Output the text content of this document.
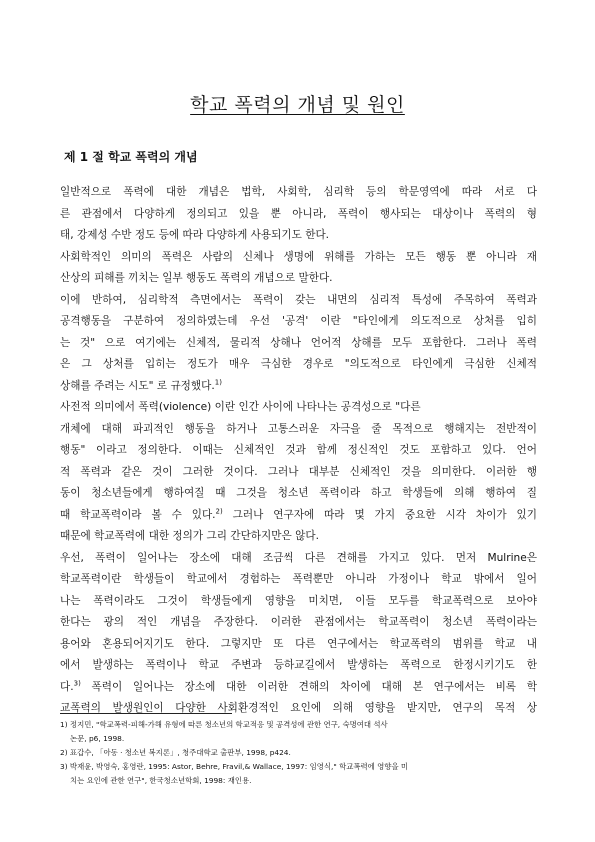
학교 폭력의 개념 및 원인
제 1 절 학교 폭력의 개념
일반적으로 폭력에 대한 개념은 법학, 사회학, 심리학 등의 학문영역에 따라 서로 다
른 관점에서 다양하게 정의되고 있을 뿐 아니라, 폭력이 행사되는 대상이나 폭력의 형
태, 강제성 수반 정도 등에 따라 다양하게 사용되기도 한다.
사회학적인 의미의 폭력은 사람의 신체나 생명에 위해를 가하는 모든 행동 뿐 아니라 재
산상의 피해를 끼치는 일부 행동도 폭력의 개념으로 말한다.
이에 반하여, 심리학적 측면에서는 폭력이 갖는 내면의 심리적 특성에 주목하여 폭력과
공격행동을 구분하여 정의하였는데 우선 '공격' 이란 "타인에게 의도적으로 상처를 입히
는 것" 으로 여기에는 신체적, 물리적 상해나 언어적 상해를 모두 포함한다. 그러나 폭력
은 그 상처를 입히는 정도가 매우 극심한 경우로 "의도적으로 타인에게 극심한 신체적
상해를 주려는 시도" 로 규정했다.$^{1)}$
사전적 의미에서 폭력(violence) 이란 인간 사이에 나타나는 공격성으로 "다른
개체에 대해 파괴적인 행동을 하거나 고통스러운 자극을 줄 목적으로 행해지는 전반적이
행동" 이라고 정의한다. 이때는 신체적인 것과 함께 정신적인 것도 포함하고 있다. 언어
적 폭력과 같은 것이 그러한 것이다. 그러나 대부분 신체적인 것을 의미한다. 이러한 행
동이 청소년들에게 행하여질 때 그것을 청소년 폭력이라 하고 학생들에 의해 행하여 질
때 학교폭력이라 볼 수 있다.$^{2)}$ 그러나 연구자에 따라 몇 가지 중요한 시각 차이가 있기
때문에 학교폭력에 대한 정의가 그리 간단하지만은 않다.
우선, 폭력이 일어나는 장소에 대해 조금씩 다른 견해를 가지고 있다. 먼저 Mulrine은
학교폭력이란 학생들이 학교에서 경험하는 폭력뿐만 아니라 가정이나 학교 밖에서 일어
나는 폭력이라도 그것이 학생들에게 영향을 미치면, 이들 모두를 학교폭력으로 보아야
한다는 광의 적인 개념을 주장한다. 이러한 관점에서는 학교폭력이 청소년 폭력이라는
용어와 혼용되어지기도 한다. 그렇지만 또 다른 연구에서는 학교폭력의 범위를 학교 내
에서 발생하는 폭력이나 학교 주변과 등하교길에서 발생하는 폭력으로 한정시키기도 한
다.$^{3)}$ 폭력이 일어나는 장소에 대한 이러한 견해의 차이에 대해 본 연구에서는 비록 학
교폭력의 발생원인이 다양한 사회환경적인 요인에 의해 영향을 받지만, 연구의 목적 상
1) 정지민, "학교폭력-피해-가해 유형에 따른 청소년의 학교적응 및 공격성에 관한 연구, 숙명여대 석사
논문, p6, 1998.
2) 표갑수, 「아동 · 청소년 복지론」, 청주대학교 출판부, 1998, p424.
3) 박재윤, 박영숙, 홍영란, 1995: Astor, Behre, Fravil,& Wallace, 1997: 임영식," 학교폭력에 영향을 미
치는 요인에 관한 연구", 한국청소년학회, 1998: 재인용.
